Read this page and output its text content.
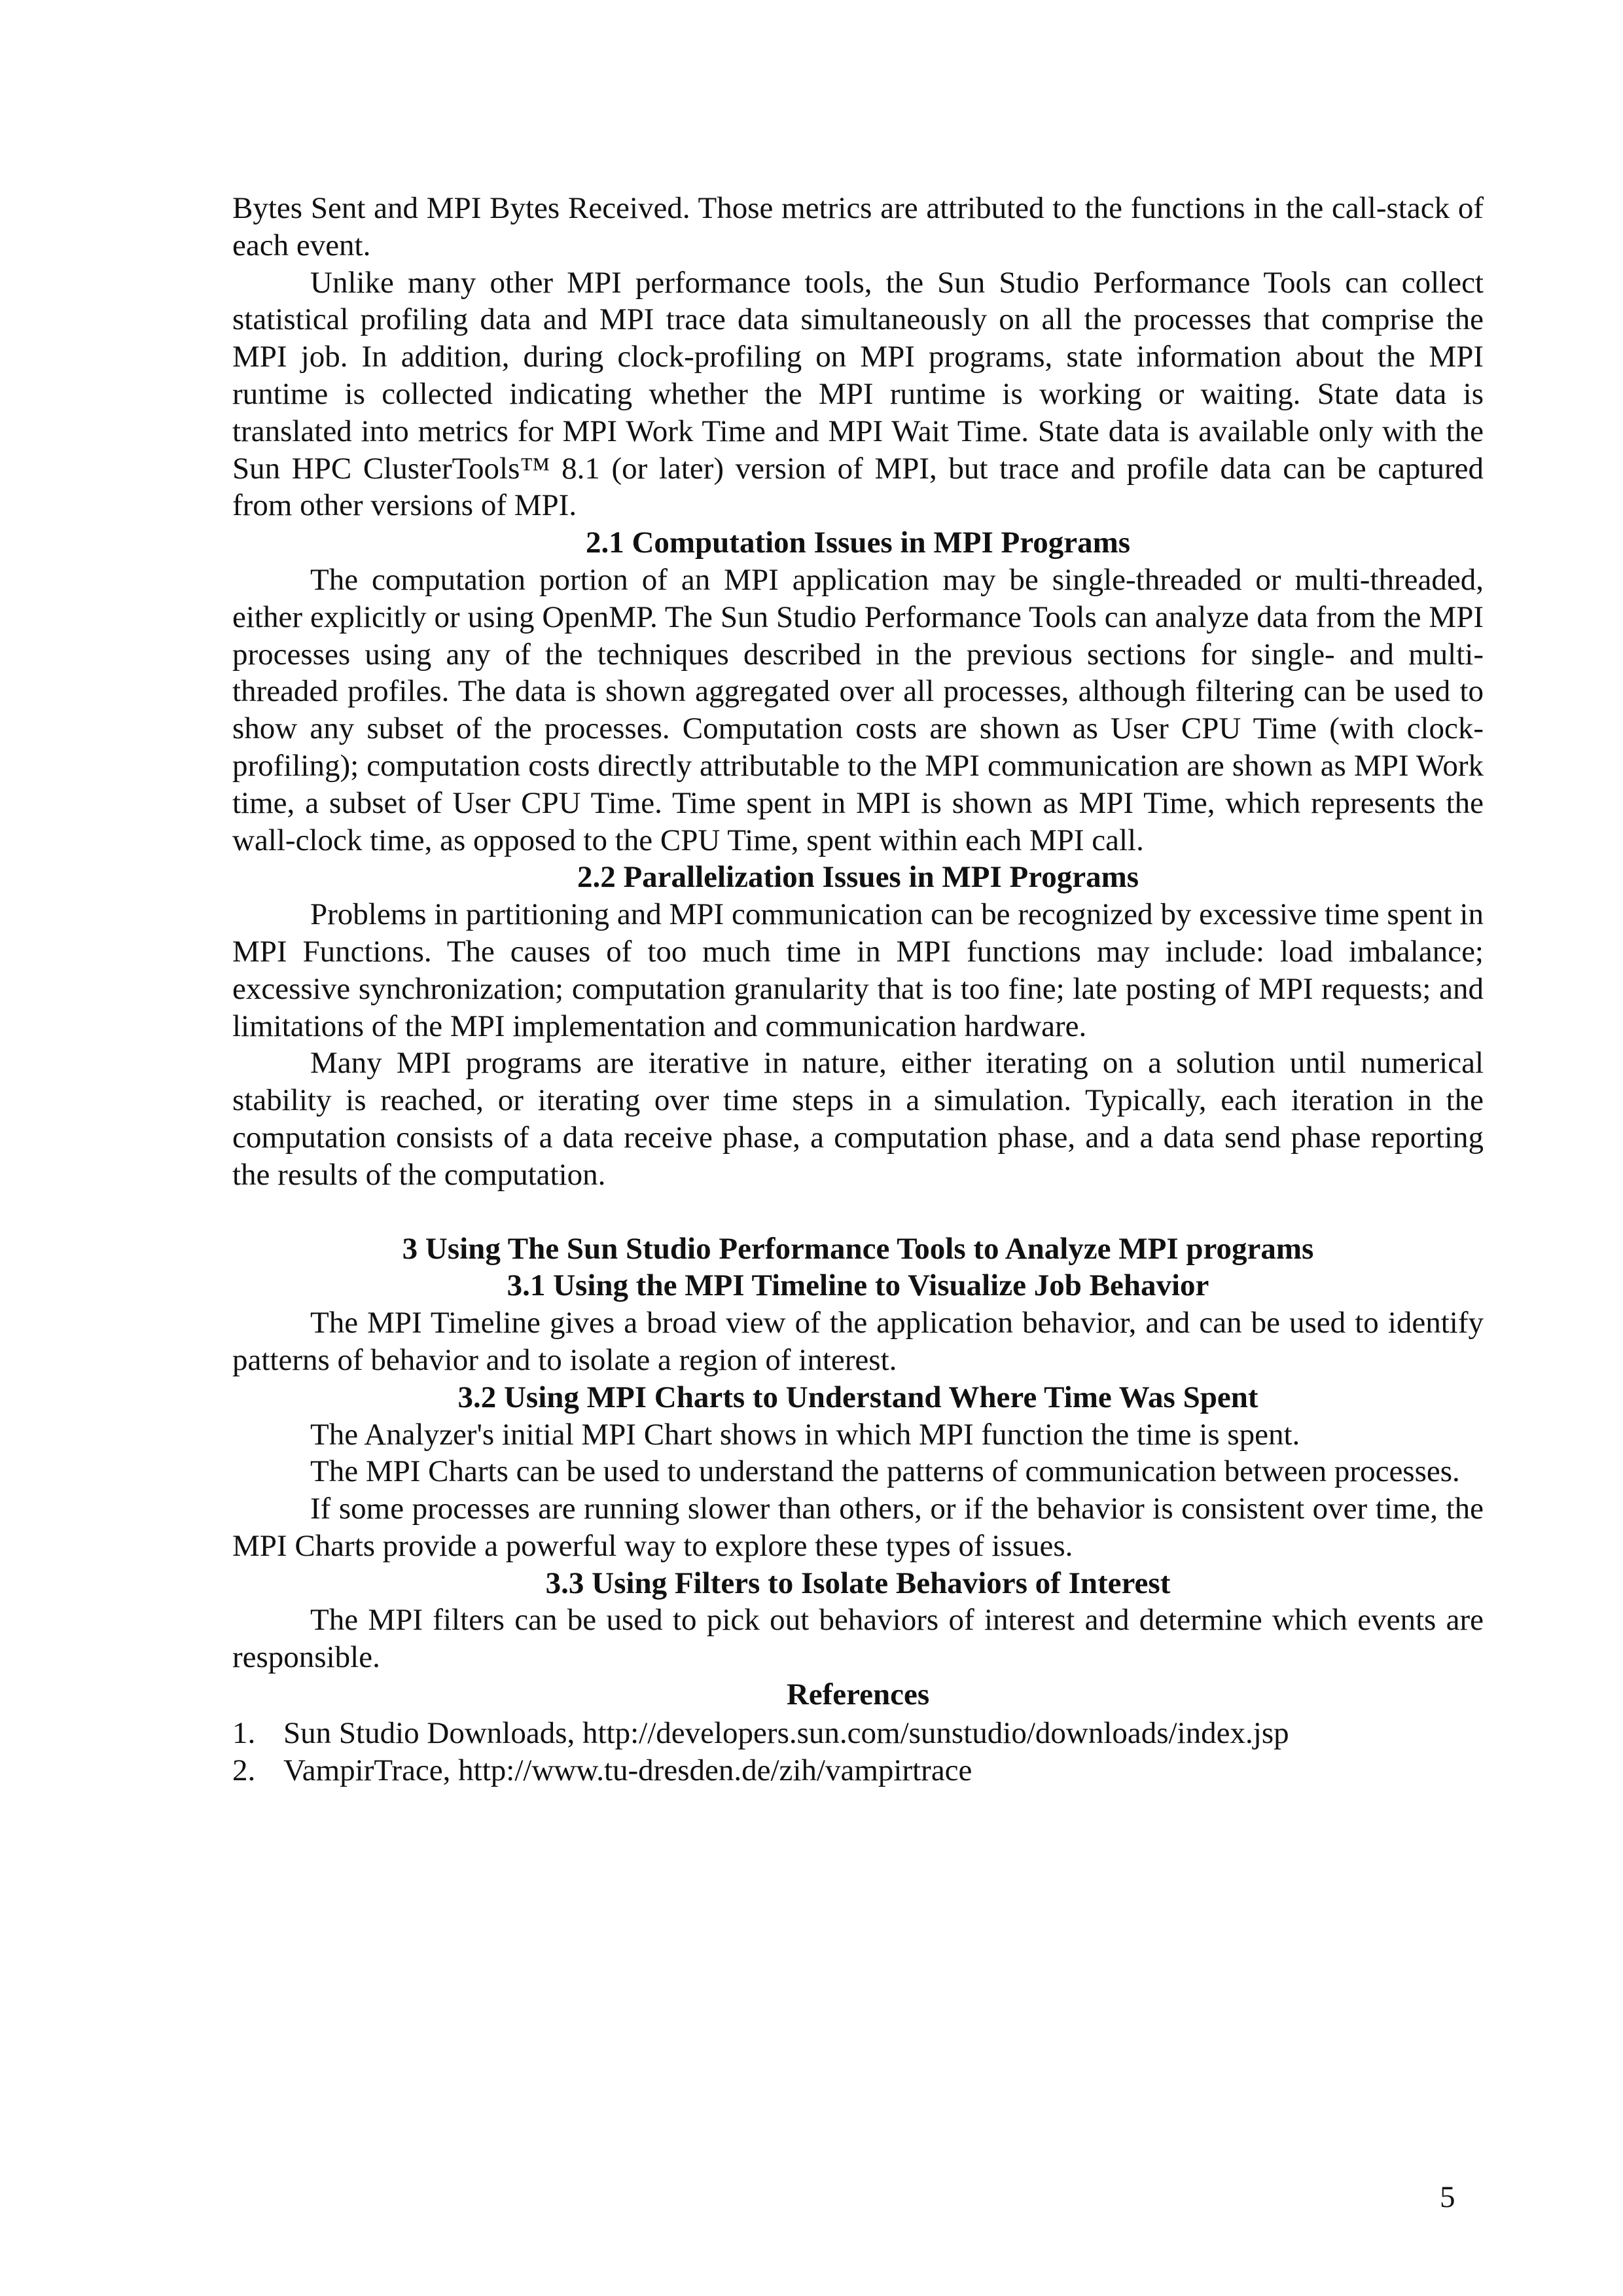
Bytes Sent and MPI Bytes Received. Those metrics are attributed to the functions in the call-stack of each event.

Unlike many other MPI performance tools, the Sun Studio Performance Tools can collect statistical profiling data and MPI trace data simultaneously on all the processes that comprise the MPI job. In addition, during clock-profiling on MPI programs, state information about the MPI runtime is collected indicating whether the MPI runtime is working or waiting. State data is translated into metrics for MPI Work Time and MPI Wait Time. State data is available only with the Sun HPC ClusterTools™ 8.1 (or later) version of MPI, but trace and profile data can be captured from other versions of MPI.

2.1 Computation Issues in MPI Programs

The computation portion of an MPI application may be single-threaded or multi-threaded, either explicitly or using OpenMP. The Sun Studio Performance Tools can analyze data from the MPI processes using any of the techniques described in the previous sections for single- and multi-threaded profiles. The data is shown aggregated over all processes, although filtering can be used to show any subset of the processes. Computation costs are shown as User CPU Time (with clock-profiling); computation costs directly attributable to the MPI communication are shown as MPI Work time, a subset of User CPU Time. Time spent in MPI is shown as MPI Time, which represents the wall-clock time, as opposed to the CPU Time, spent within each MPI call.

2.2 Parallelization Issues in MPI Programs

Problems in partitioning and MPI communication can be recognized by excessive time spent in MPI Functions. The causes of too much time in MPI functions may include: load imbalance; excessive synchronization; computation granularity that is too fine; late posting of MPI requests; and limitations of the MPI implementation and communication hardware.

Many MPI programs are iterative in nature, either iterating on a solution until numerical stability is reached, or iterating over time steps in a simulation. Typically, each iteration in the computation consists of a data receive phase, a computation phase, and a data send phase reporting the results of the computation.

3 Using The Sun Studio Performance Tools to Analyze MPI programs
3.1 Using the MPI Timeline to Visualize Job Behavior

The MPI Timeline gives a broad view of the application behavior, and can be used to identify patterns of behavior and to isolate a region of interest.

3.2 Using MPI Charts to Understand Where Time Was Spent

The Analyzer's initial MPI Chart shows in which MPI function the time is spent.

The MPI Charts can be used to understand the patterns of communication between processes.

If some processes are running slower than others, or if the behavior is consistent over time, the MPI Charts provide a powerful way to explore these types of issues.

3.3 Using Filters to Isolate Behaviors of Interest

The MPI filters can be used to pick out behaviors of interest and determine which events are responsible.

References
1. Sun Studio Downloads, http://developers.sun.com/sunstudio/downloads/index.jsp
2. VampirTrace, http://www.tu-dresden.de/zih/vampirtrace
5
